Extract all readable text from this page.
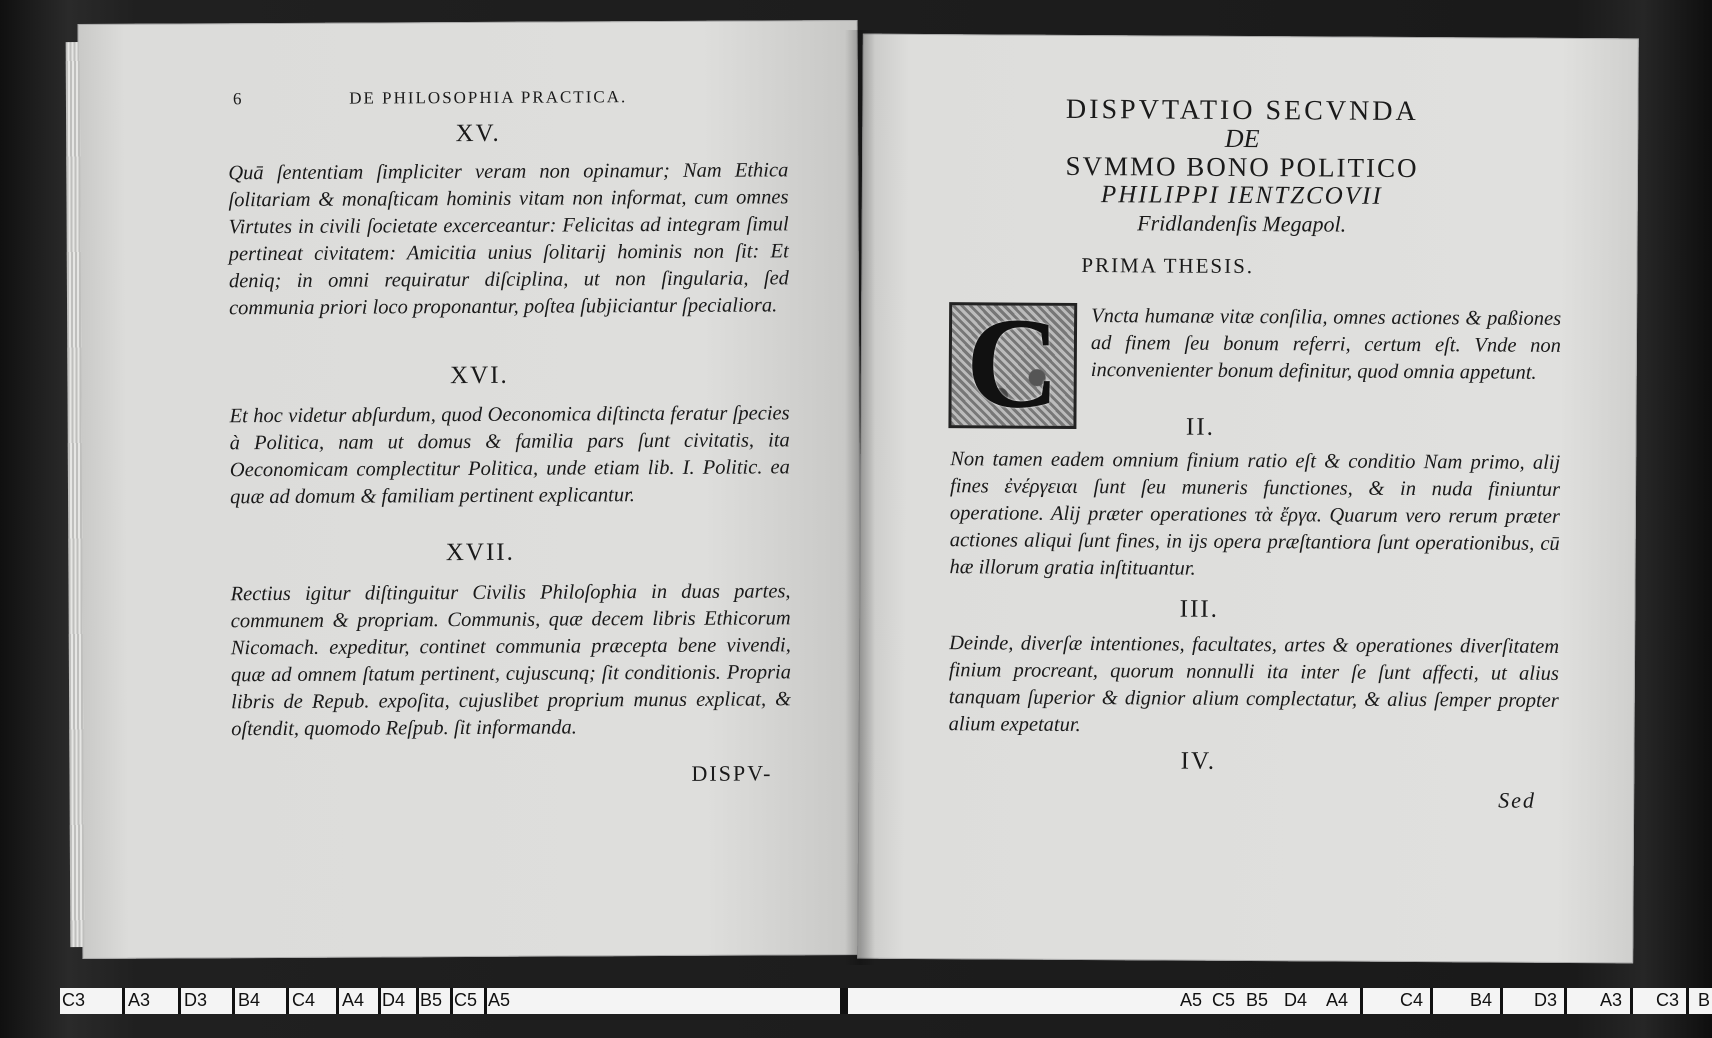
6	DE PHILOSOPHIA PRACTICA.
XV.
Quā ſententiam ſimpliciter veram non opinamur; Nam Ethica ſolitariam & monaſticam hominis vitam non informat, cum omnes Virtutes in civili ſocietate excerceantur: Felicitas ad integram ſimul pertineat civitatem: Amicitia unius ſolitarij hominis non ſit: Et deniq; in omni requiratur diſciplina, ut non ſingularia, ſed communia priori loco proponantur, poſtea ſubjiciantur ſpecialiora.
XVI.
Et hoc videtur abſurdum, quod Oeconomica diſtincta feratur ſpecies à Politica, nam ut domus & familia pars ſunt civitatis, ita Oeconomicam complectitur Politica, unde etiam lib. I. Politic. ea quæ ad domum & familiam pertinent explicantur.
XVII.
Rectius igitur diſtinguitur Civilis Philoſophia in duas partes, communem & propriam. Communis, quæ decem libris Ethicorum Nicomach. expeditur, continet communia præcepta bene vivendi, quæ ad omnem ſtatum pertinent, cujuscunq; ſit conditionis. Propria libris de Repub. expoſita, cujuslibet proprium munus explicat, & oſtendit, quomodo Reſpub. ſit informanda.
DISPV-
DISPVTATIO SECVNDA
DE
SVMMO BONO POLITICO
PHILIPPI IENTZCOVII
Fridlandenſis Megapol.
PRIMA THESIS.
C	Vncta humanæ vitæ conſilia, omnes actiones & paßiones ad finem ſeu bonum referri, certum eſt. Vnde non inconvenienter bonum definitur, quod omnia appetunt.
II.
Non tamen eadem omnium finium ratio eſt & conditio Nam primo, alij fines ἐνέργειαι ſunt ſeu muneris functiones, & in nuda finiuntur operatione. Alij præter operationes τὰ ἔργα. Quarum vero rerum præter actiones aliqui ſunt fines, in ijs opera præſtantiora ſunt operationibus, cū hæ illorum gratia inſtituantur.
III.
Deinde, diverſæ intentiones, facultates, artes & operationes diverſitatem finium procreant, quorum nonnulli ita inter ſe ſunt affecti, ut alius tanquam ſuperior & dignior alium complectatur, & alius ſemper propter alium expetatur.
IV.
Sed
C3 A3 D3 B4 C4 A4 D4 B5 C5 A5	A5 C5 B5 D4 A4	C4	B4 D3 A3 C3 B
